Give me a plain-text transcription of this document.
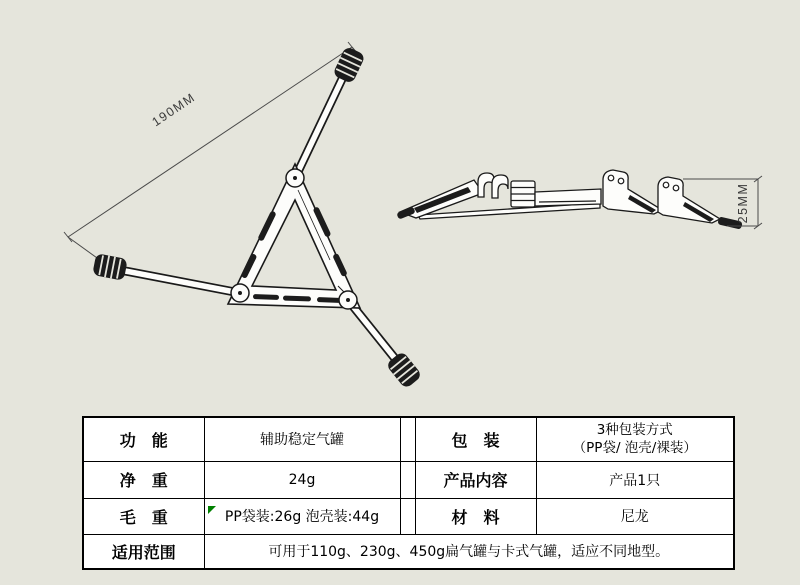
190MM
25MM
功　能	辅助稳定气罐		包　装	3种包装方式
（PP袋/ 泡壳/裸装）

净　重	24g		产品内容	产品1只
毛　重	PP袋装:26g 泡壳装:44g		材　料	尼龙
适用范围	可用于110g、230g、450g扁气罐与卡式气罐，适应不同地型。			
